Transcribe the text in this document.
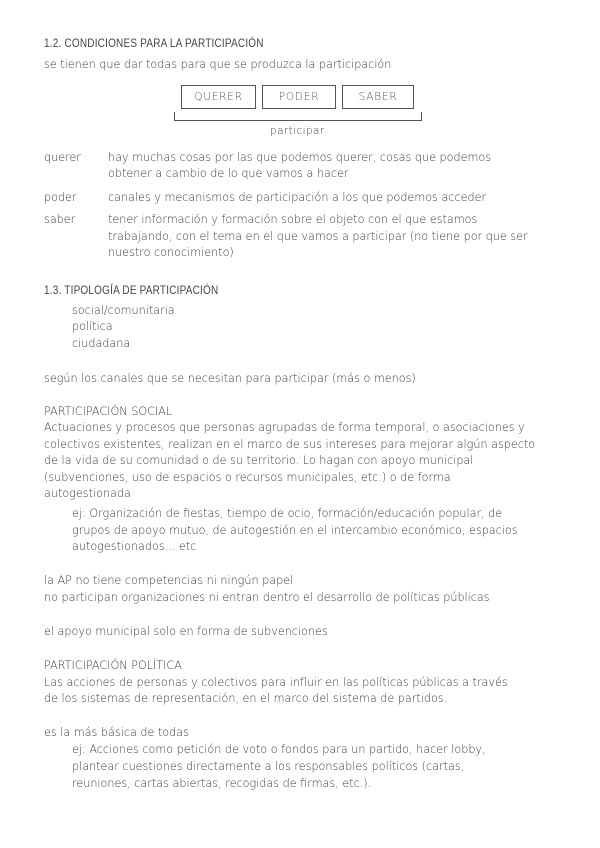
1.2. CONDICIONES PARA LA PARTICIPACIÓN
se tienen que dar todas para que se produzca la participación
QUERER	PODER	SABER
participar
querer hay muchas cosas por las que podemos querer, cosas que podemos
obtener a cambio de lo que vamos a hacer
poder	canales y mecanismos de participación a los que podemos acceder
saber	tener información y formación sobre el objeto con el que estamos
trabajando, con el tema en el que vamos a participar (no tiene por que ser
nuestro conocimiento)
1.3. TIPOLOGÍA DE PARTICIPACIÓN
social/comunitaria
política
ciudadana
según los canales que se necesitan para participar (más o menos)
PARTICIPACIÓN SOCIAL
Actuaciones y procesos que personas agrupadas de forma temporal, o asociaciones y
colectivos existentes, realizan en el marco de sus intereses para mejorar algún aspecto
de la vida de su comunidad o de su territorio. Lo hagan con apoyo municipal
(subvenciones, uso de espacios o recursos municipales, etc.) o de forma
autogestionada
ej: Organización de fiestas, tiempo de ocio, formación/educación popular, de
grupos de apoyo mutuo, de autogestión en el intercambio económico, espacios
autogestionados... etc
la AP no tiene competencias ni ningún papel
no participan organizaciones ni entran dentro el desarrollo de políticas públicas
el apoyo municipal solo en forma de subvenciones
PARTICIPACIÓN POLÍTICA
Las acciones de personas y colectivos para influir en las políticas públicas a través
de los sistemas de representación, en el marco del sistema de partidos.
es la más básica de todas
ej: Acciones como petición de voto o fondos para un partido, hacer lobby,
plantear cuestiones directamente a los responsables políticos (cartas,
reuniones, cartas abiertas, recogidas de firmas, etc.).
